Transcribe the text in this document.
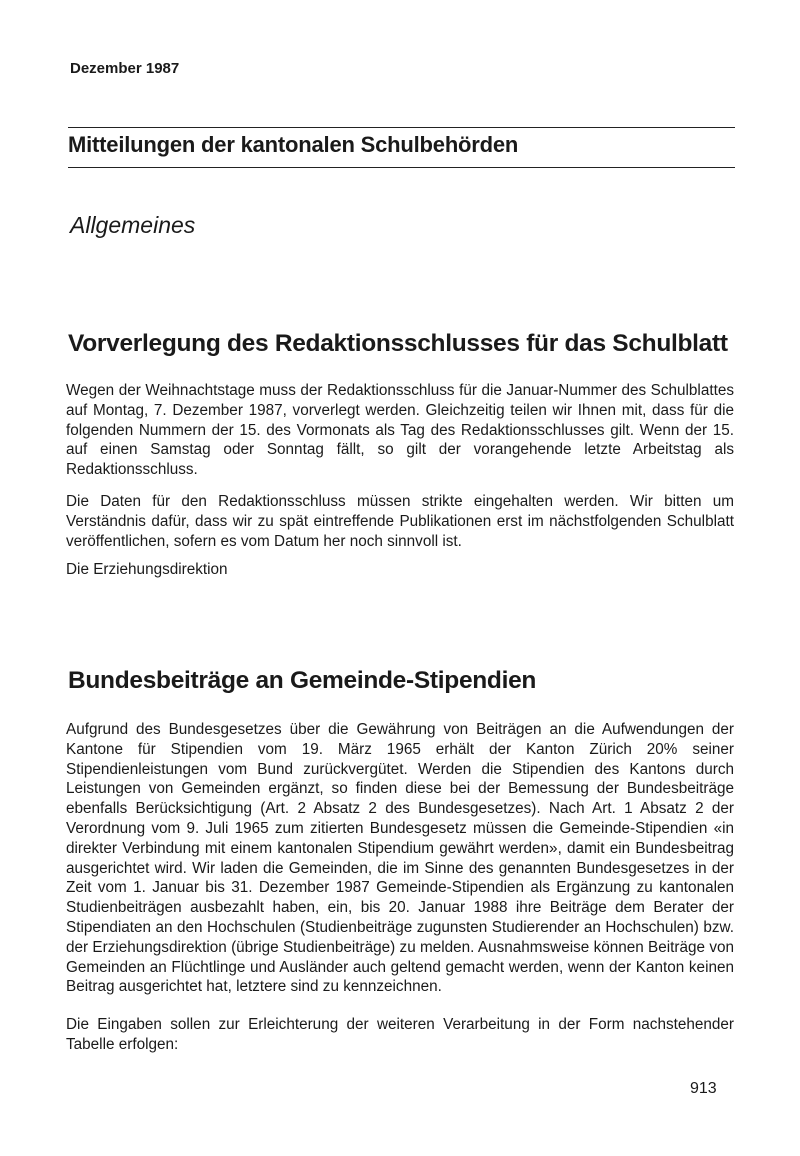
Dezember 1987
Mitteilungen der kantonalen Schulbehörden
Allgemeines
Vorverlegung des Redaktionsschlusses für das Schulblatt

Wegen der Weihnachtstage muss der Redaktionsschluss für die Januar-Nummer des Schulblattes auf Montag, 7. Dezember 1987, vorverlegt werden. Gleichzeitig teilen wir Ihnen mit, dass für die folgenden Nummern der 15. des Vormonats als Tag des Redaktionsschlusses gilt. Wenn der 15. auf einen Samstag oder Sonntag fällt, so gilt der vorangehende letzte Arbeitstag als Redaktionsschluss.

Die Daten für den Redaktionsschluss müssen strikte eingehalten werden. Wir bitten um Verständnis dafür, dass wir zu spät eintreffende Publikationen erst im nächstfolgenden Schulblatt veröffentlichen, sofern es vom Datum her noch sinnvoll ist.

Die Erziehungsdirektion
Bundesbeiträge an Gemeinde-Stipendien

Aufgrund des Bundesgesetzes über die Gewährung von Beiträgen an die Aufwendungen der Kantone für Stipendien vom 19. März 1965 erhält der Kanton Zürich 20% seiner Stipendienleistungen vom Bund zurückvergütet. Werden die Stipendien des Kantons durch Leistungen von Gemeinden ergänzt, so finden diese bei der Bemessung der Bundesbeiträge ebenfalls Berücksichtigung (Art. 2 Absatz 2 des Bundesgesetzes). Nach Art. 1 Absatz 2 der Verordnung vom 9. Juli 1965 zum zitierten Bundesgesetz müssen die Gemeinde-Stipendien «in direkter Verbindung mit einem kantonalen Stipendium gewährt werden», damit ein Bundesbeitrag ausgerichtet wird. Wir laden die Gemeinden, die im Sinne des genannten Bundesgesetzes in der Zeit vom 1. Januar bis 31. Dezember 1987 Gemeinde-Stipendien als Ergänzung zu kantonalen Studienbeiträgen ausbezahlt haben, ein, bis 20. Januar 1988 ihre Beiträge dem Berater der Stipendiaten an den Hochschulen (Studienbeiträge zugunsten Studierender an Hochschulen) bzw. der Erziehungsdirektion (übrige Studienbeiträge) zu melden. Ausnahmsweise können Beiträge von Gemeinden an Flüchtlinge und Ausländer auch geltend gemacht werden, wenn der Kanton keinen Beitrag ausgerichtet hat, letztere sind zu kennzeichnen.

Die Eingaben sollen zur Erleichterung der weiteren Verarbeitung in der Form nachstehender Tabelle erfolgen:

913
